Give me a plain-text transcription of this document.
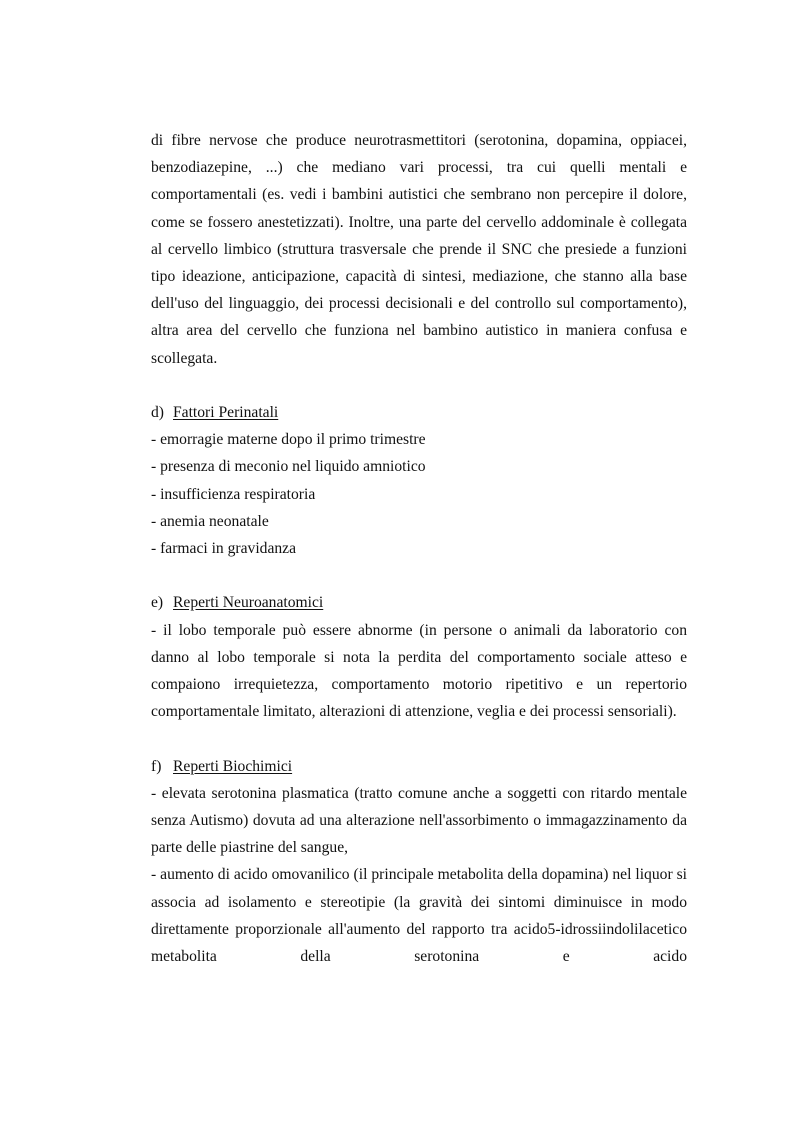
di fibre nervose che produce neurotrasmettitori (serotonina, dopamina, oppiacei, benzodiazepine, ...) che mediano vari processi, tra cui quelli mentali e comportamentali (es. vedi i bambini autistici che sembrano non percepire il dolore, come se fossero anestetizzati). Inoltre, una parte del cervello addominale è collegata al cervello limbico (struttura trasversale che prende il SNC che presiede a funzioni tipo ideazione, anticipazione, capacità di sintesi, mediazione, che stanno alla base dell'uso del linguaggio, dei processi decisionali e del controllo sul comportamento), altra area del cervello che funziona nel bambino autistico in maniera confusa e scollegata.

d) Fattori Perinatali

- emorragie materne dopo il primo trimestre

- presenza di meconio nel liquido amniotico

- insufficienza respiratoria

- anemia neonatale

- farmaci in gravidanza

e) Reperti Neuroanatomici

- il lobo temporale può essere abnorme (in persone o animali da laboratorio con danno al lobo temporale si nota la perdita del comportamento sociale atteso e compaiono irrequietezza, comportamento motorio ripetitivo e un repertorio comportamentale limitato, alterazioni di attenzione, veglia e dei processi sensoriali).

f) Reperti Biochimici

- elevata serotonina plasmatica (tratto comune anche a soggetti con ritardo mentale senza Autismo) dovuta ad una alterazione nell'assorbimento o immagazzinamento da parte delle piastrine del sangue,

- aumento di acido omovanilico (il principale metabolita della dopamina) nel liquor si associa ad isolamento e stereotipie (la gravità dei sintomi diminuisce in modo direttamente proporzionale all'aumento del rapporto tra acido5-idrossiindolilacetico metabolita della serotonina e acido
